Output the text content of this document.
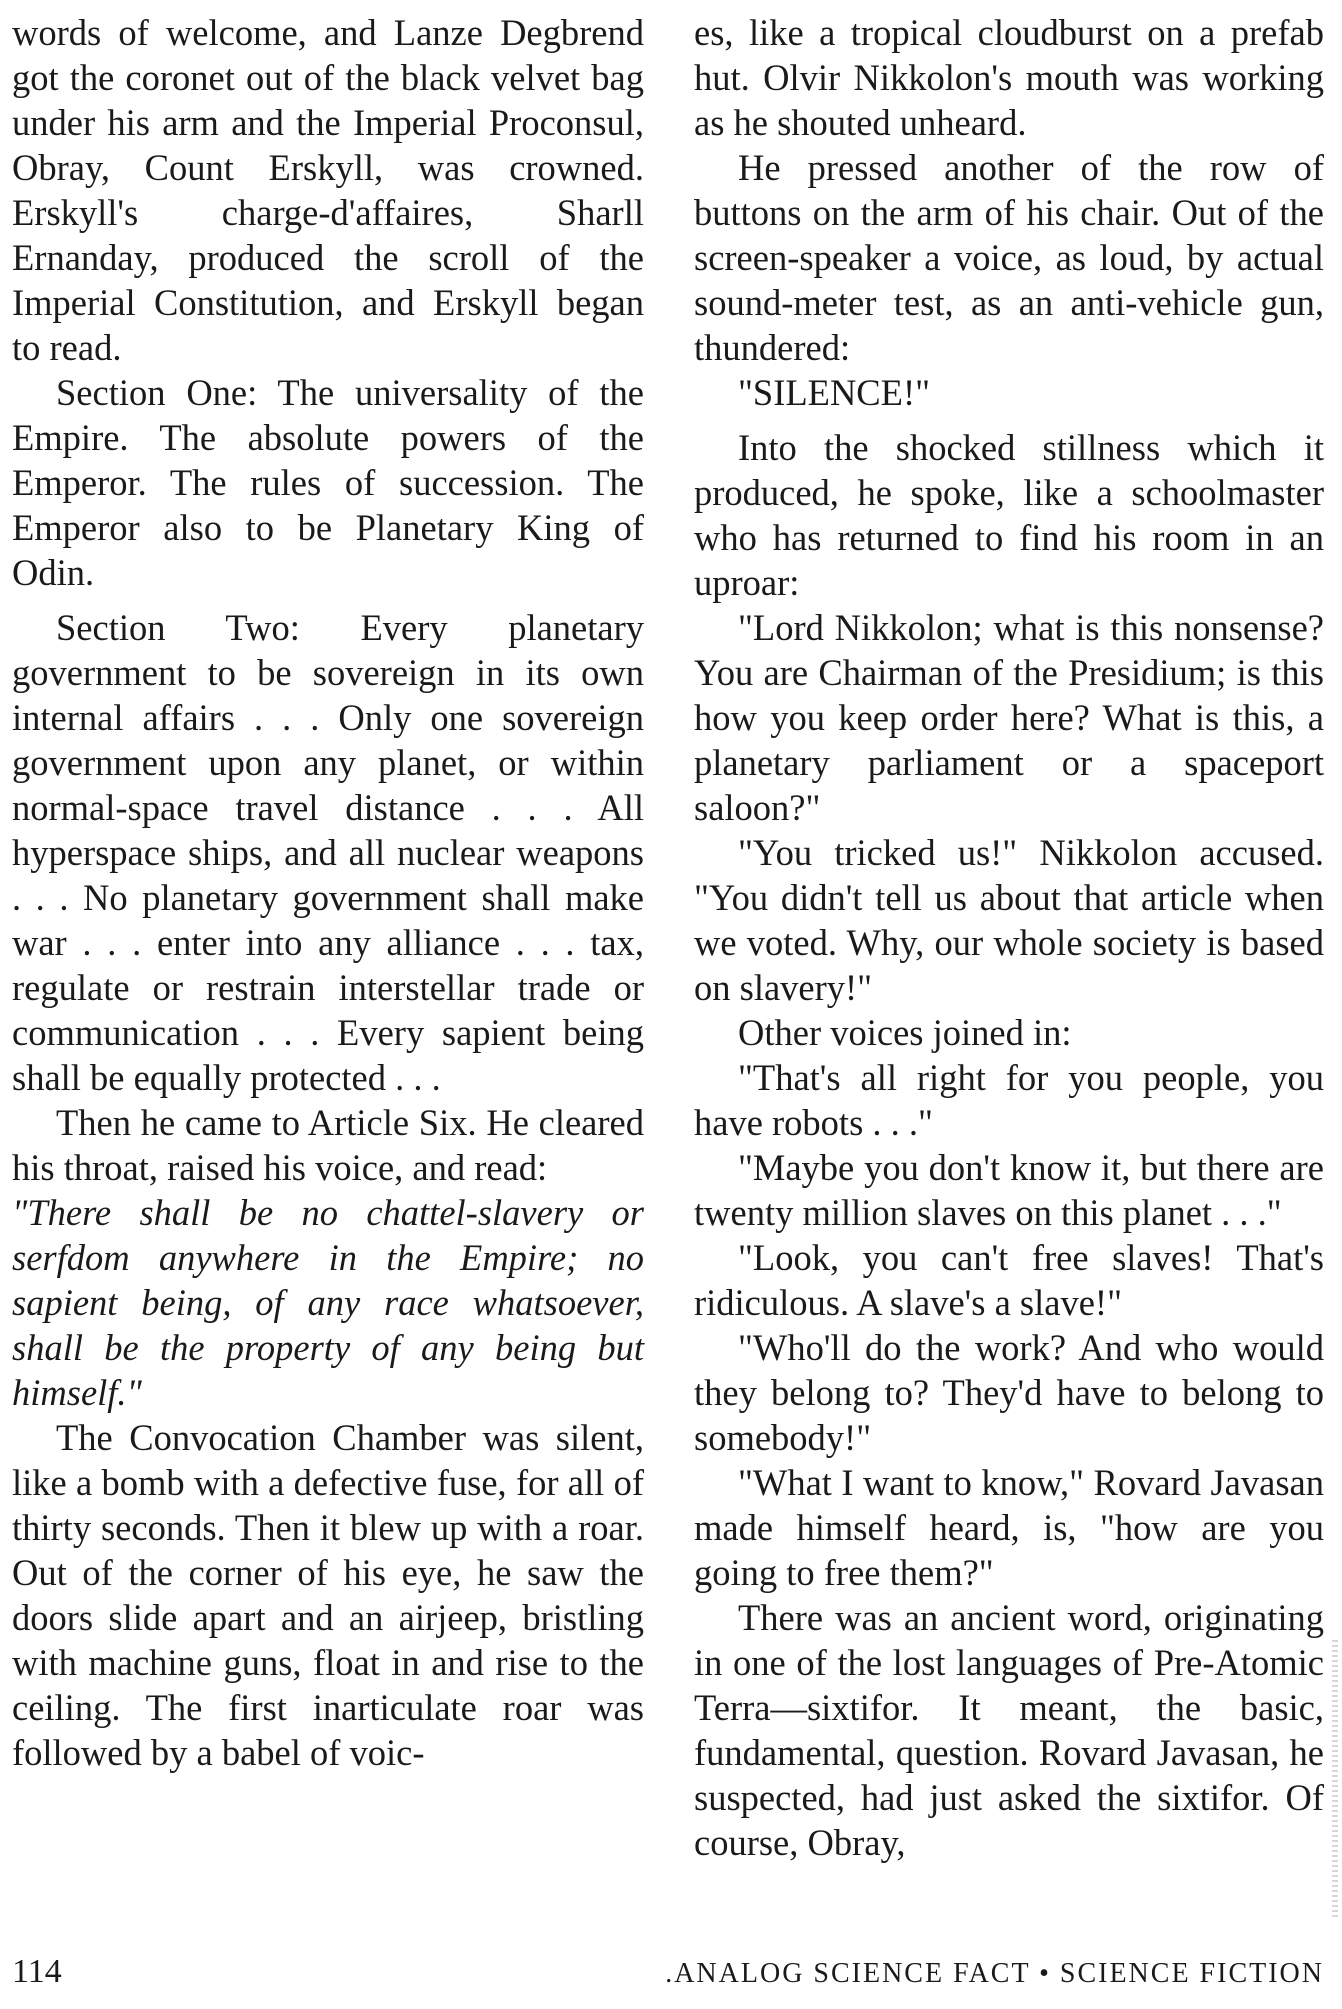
words of welcome, and Lanze Degbrend got the coronet out of the black velvet bag under his arm and the Imperial Proconsul, Obray, Count Erskyll, was crowned. Erskyll's charge-d'affaires, Sharll Ernanday, produced the scroll of the Imperial Constitution, and Erskyll began to read.

Section One: The universality of the Empire. The absolute powers of the Emperor. The rules of succession. The Emperor also to be Planetary King of Odin.

Section Two: Every planetary government to be sovereign in its own internal affairs . . . Only one sovereign government upon any planet, or within normal-space travel distance . . . All hyperspace ships, and all nuclear weapons . . . No planetary government shall make war . . . enter into any alliance . . . tax, regulate or restrain interstellar trade or communication . . . Every sapient being shall be equally protected . . .

Then he came to Article Six. He cleared his throat, raised his voice, and read:

"There shall be no chattel-slavery or serfdom anywhere in the Empire; no sapient being, of any race whatsoever, shall be the property of any being but himself."

The Convocation Chamber was silent, like a bomb with a defective fuse, for all of thirty seconds. Then it blew up with a roar. Out of the corner of his eye, he saw the doors slide apart and an airjeep, bristling with machine guns, float in and rise to the ceiling. The first inarticulate roar was followed by a babel of voic-

es, like a tropical cloudburst on a prefab hut. Olvir Nikkolon's mouth was working as he shouted unheard.

He pressed another of the row of buttons on the arm of his chair. Out of the screen-speaker a voice, as loud, by actual sound-meter test, as an anti-vehicle gun, thundered:

"SILENCE!"

Into the shocked stillness which it produced, he spoke, like a schoolmaster who has returned to find his room in an uproar:

"Lord Nikkolon; what is this nonsense? You are Chairman of the Presidium; is this how you keep order here? What is this, a planetary parliament or a spaceport saloon?"

"You tricked us!" Nikkolon accused. "You didn't tell us about that article when we voted. Why, our whole society is based on slavery!"

Other voices joined in:

"That's all right for you people, you have robots . . ."

"Maybe you don't know it, but there are twenty million slaves on this planet . . ."

"Look, you can't free slaves! That's ridiculous. A slave's a slave!"

"Who'll do the work? And who would they belong to? They'd have to belong to somebody!"

"What I want to know," Rovard Javasan made himself heard, is, "how are you going to free them?"

There was an ancient word, originating in one of the lost languages of Pre-Atomic Terra—sixtifor. It meant, the basic, fundamental, question. Rovard Javasan, he suspected, had just asked the sixtifor. Of course, Obray,

114	.ANALOG SCIENCE FACT • SCIENCE FICTION
